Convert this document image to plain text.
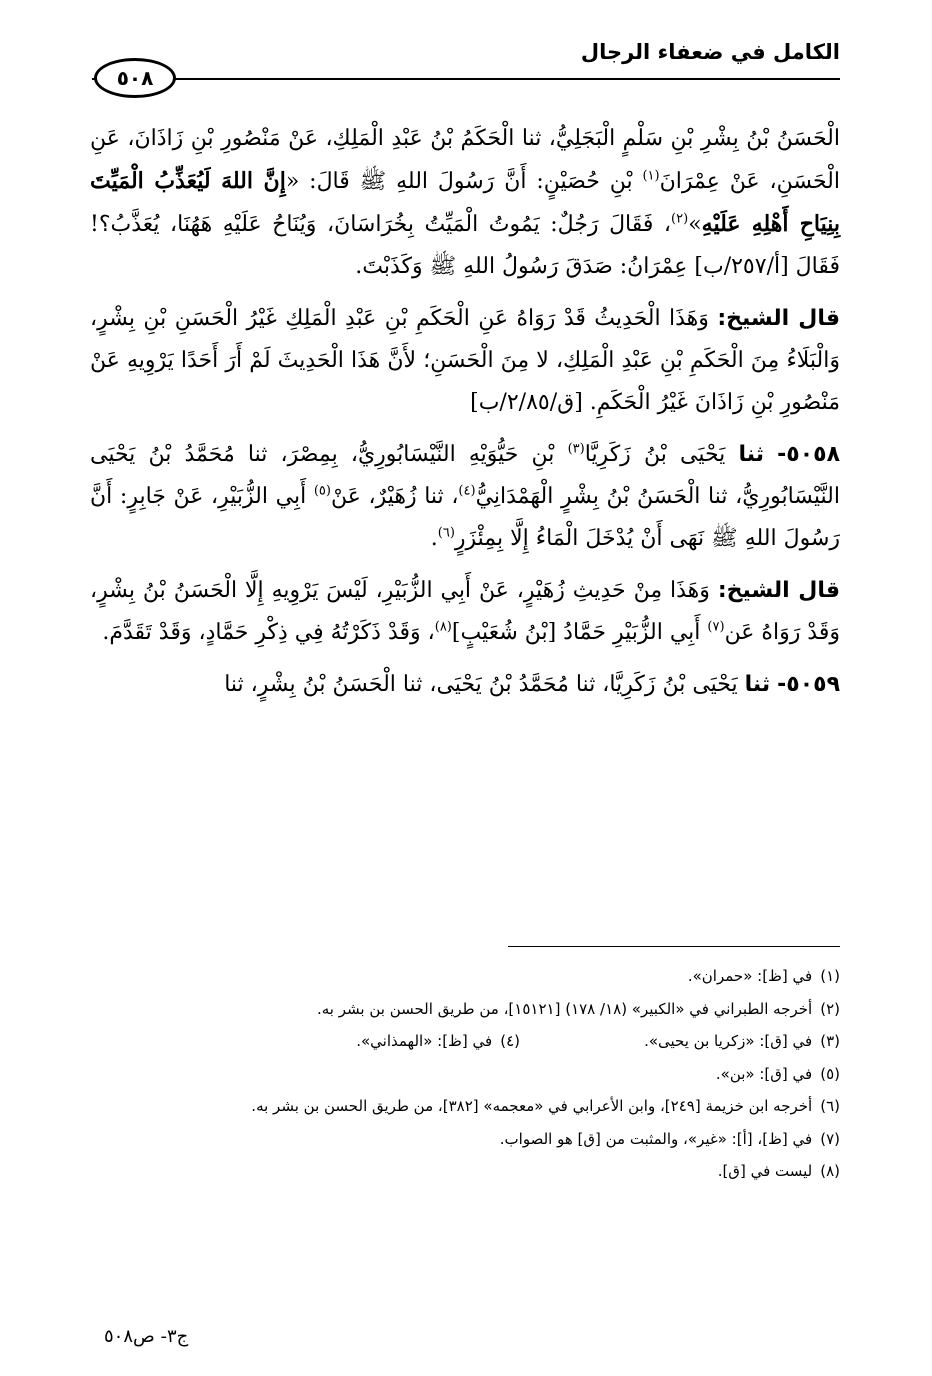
الكامل في ضعفاء الرجال
٥٠٨

الْحَسَنُ بْنُ بِشْرِ بْنِ سَلْمٍ الْبَجَلِيُّ، ثنا الْحَكَمُ بْنُ عَبْدِ الْمَلِكِ، عَنْ مَنْصُورِ بْنِ زَاذَانَ، عَنِ الْحَسَنِ، عَنْ عِمْرَانَ$^{(١)}$ بْنِ حُصَيْنٍ: أَنَّ رَسُولَ اللهِ ﷺ قَالَ: «إِنَّ اللهَ لَيُعَذِّبُ الْمَيِّتَ بِنِيَاحِ أَهْلِهِ عَلَيْهِ»$^{(٢)}$، فَقَالَ رَجُلٌ: يَمُوتُ الْمَيِّتُ بِخُرَاسَانَ، وَيُنَاحُ عَلَيْهِ هَهُنَا، يُعَذَّبُ؟! فَقَالَ [أ/٢٥٧/ب] عِمْرَانُ: صَدَقَ رَسُولُ اللهِ ﷺ وَكَذَبْتَ.

قال الشيخ: وَهَذَا الْحَدِيثُ قَدْ رَوَاهُ عَنِ الْحَكَمِ بْنِ عَبْدِ الْمَلِكِ غَيْرُ الْحَسَنِ بْنِ بِشْرٍ، وَالْبَلَاءُ مِنَ الْحَكَمِ بْنِ عَبْدِ الْمَلِكِ، لا مِنَ الْحَسَنِ؛ لأَنَّ هَذَا الْحَدِيثَ لَمْ أَرَ أَحَدًا يَرْوِيهِ عَنْ مَنْصُورِ بْنِ زَاذَانَ غَيْرُ الْحَكَمِ. [ق/٢/٨٥/ب]

٥٠٥٨- ثنا يَحْيَى بْنُ زَكَرِيَّا$^{(٣)}$ بْنِ حَيُّوَيْهِ النَّيْسَابُورِيُّ، بِمِصْرَ، ثنا مُحَمَّدُ بْنُ يَحْيَى النَّيْسَابُورِيُّ، ثنا الْحَسَنُ بْنُ بِشْرٍ الْهَمْدَانِيُّ$^{(٤)}$، ثنا زُهَيْرٌ، عَنْ$^{(٥)}$ أَبِي الزُّبَيْرِ، عَنْ جَابِرٍ: أَنَّ رَسُولَ اللهِ ﷺ نَهَى أَنْ يُدْخَلَ الْمَاءُ إِلَّا بِمِئْزَرٍ$^{(٦)}$.

قال الشيخ: وَهَذَا مِنْ حَدِيثِ زُهَيْرٍ، عَنْ أَبِي الزُّبَيْرِ، لَيْسَ يَرْوِيهِ إِلَّا الْحَسَنُ بْنُ بِشْرٍ، وَقَدْ رَوَاهُ عَن$^{(٧)}$ أَبِي الزُّبَيْرِ حَمَّادُ [بْنُ شُعَيْبٍ]$^{(٨)}$، وَقَدْ ذَكَرْتُهُ فِي ذِكْرِ حَمَّادٍ، وَقَدْ تَقَدَّمَ.

٥٠٥٩- ثنا يَحْيَى بْنُ زَكَرِيَّا، ثنا مُحَمَّدُ بْنُ يَحْيَى، ثنا الْحَسَنُ بْنُ بِشْرٍ، ثنا

(١)
في [ظ]: «حمران».
(٢)
أخرجه الطبراني في «الكبير» (١٨/ ١٧٨) [١٥١٢١]، من طريق الحسن بن بشر به.
(٣)في [ق]: «زكريا بن يحيى».
(٤)في [ظ]: «الهمذاني».
(٥)
في [ق]: «بن».
(٦)
أخرجه ابن خزيمة [٢٤٩]، وابن الأعرابي في «معجمه» [٣٨٢]، من طريق الحسن بن بشر به.
(٧)
في [ظ]، [أ]: «غير»، والمثبت من [ق] هو الصواب.
(٨)
ليست في [ق].
ج٣- ص٥٠٨
